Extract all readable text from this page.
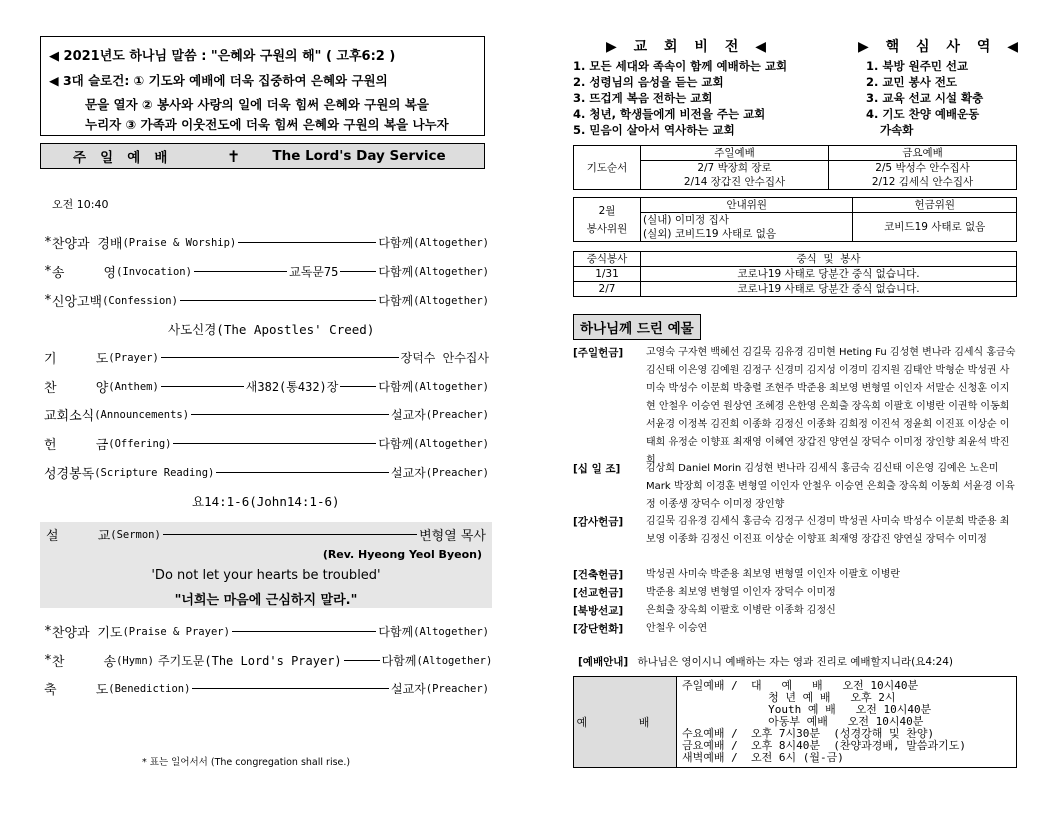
◀ 2021년도 하나님 말씀 : "은혜와 구원의 해" ( 고후6:2 )
◀ 3대 슬로건: ① 기도와 예배에 더욱 집중하여 은혜와 구원의
문을 열자 ② 봉사와 사랑의 일에 더욱 힘써 은혜와 구원의 복을
누리자 ③ 가족과 이웃전도에 더욱 힘써 은혜와 구원의 복을 나누자
주   일   예   배	✝ The Lord's Day Service
오전 10:40
* 찬양과 경배 (Praise & Worship)	다함께 (Altogether)
* 송     영 (Invocation)	교독문75	다함께 (Altogether)
* 신앙고백 (Confession)	다함께 (Altogether)
기     도 (Prayer)	장덕수 안수집사
찬     양 (Anthem)	새382(통432)장	다함께 (Altogether)
교회소식 (Announcements)	설교자 (Preacher)
헌     금 (Offering)	다함께 (Altogether)
성경봉독 (Scripture Reading)	설교자 (Preacher)
사도신경(The Apostles' Creed)
요14:1-6(John14:1-6)
설     교 (Sermon)	변형열 목사
(Rev. Hyeong Yeol Byeon)
'Do not let your hearts be troubled'
"너희는 마음에 근심하지 말라."
* 찬양과 기도 (Praise & Prayer)	다함께 (Altogether)
* 찬     송 (Hymn) 주기도문(The Lord's Prayer)	다함께 (Altogether)
축     도 (Benediction)	설교자 (Preacher)
* 표는 일어서서 (The congregation shall rise.)
▶ 교 회 비 전 ◀
1. 모든 세대와 족속이 함께 예배하는 교회
2. 성령님의 음성을 듣는 교회
3. 뜨겁게 복음 전하는 교회
4. 청년, 학생들에게 비전을 주는 교회
5. 믿음이 살아서 역사하는 교회
▶ 핵 심 사 역 ◀
1. 북방 원주민 선교
2. 교민 봉사 전도
3. 교육 선교 시설 확충
4. 기도 찬양 예배운동
가속화
기도순서	주일예배	금요예배
	2/7 박장희 장로	2/5 박성수 안수집사
	2/14 장갑진 안수집사	2/12 김세식 안수집사
2월
봉사위원	안내위원	헌금위원
	(실내) 이미정 집사	코비드19 사태로 없음
	(실외) 코비드19 사태로 없음	
중식봉사	중식  및  봉사
1/31	코로나19 사태로 당분간 중식 없습니다.
2/7	코로나19 사태로 당분간 중식 없습니다.
하나님께 드린 예물
[주일헌금] 고영숙 구자현 백혜선 김길묵 김유경 김미현 Heting Fu 김성현 변나라 김세식 홍금숙 김신태 이은영 김예원 김정구 신경미 김지성 이경미 김지원 김태안 박형순 박성권 사미숙 박성수 이문희 박충렬 조현주 박준용 최보영 변형열 이인자 서말순 신청훈 이지현 안철우 이승연 원상연 조혜경 은한영 은희출 장옥희 이팔호 이병란 이권학 이동희 서윤경 이정복 김진희 이종화 김정신 이종화 김희정 이진석 정윤희 이진표 이상순 이태희 유정순 이향표 최재영 이혜연 장갑진 양연실 장덕수 이미정 장인향 최윤석 박진희
[십 일 조]	김상희 Daniel Morin 김성현 변나라 김세식 홍금숙 김신태 이은영 김예은 노은미 Mark 박장희 이경훈 변형열 이인자 안철우 이승연 은희출 장옥희 이동희 서윤경 이육정 이종생 장덕수 이미정 장인향
[감사헌금] 김길묵 김유경 김세식 홍금숙 김정구 신경미 박성권 사미숙 박성수 이문희 박준용 최보영 이종화 김정신 이진표 이상순 이향표 최재영 장갑진 양연실 장덕수 이미정
[건축헌금] 박성권 사미숙 박준용 최보영 변형열 이인자 이팔호 이병란
[선교헌금] 박준용 최보영 변형열 이인자 장덕수 이미정
[북방선교] 은희출 장옥희 이팔호 이병란 이종화 김정신
[강단헌화] 안철우 이승연
[예배안내] 하나님은 영이시니 예배하는 자는 영과 진리로 예배할지니라(요4:24)
예 배
주일예배 /  대   예   배   오전 10시40분
청 년 예 배   오후 2시
Youth 예 배   오전 10시40분
아동부 예배   오전 10시40분
수요예배 /  오후 7시30분  (성경강해 및 찬양)
금요예배 /  오후 8시40분  (찬양과경배, 말씀과기도)
새벽예배 /  오전 6시 (월-금)
